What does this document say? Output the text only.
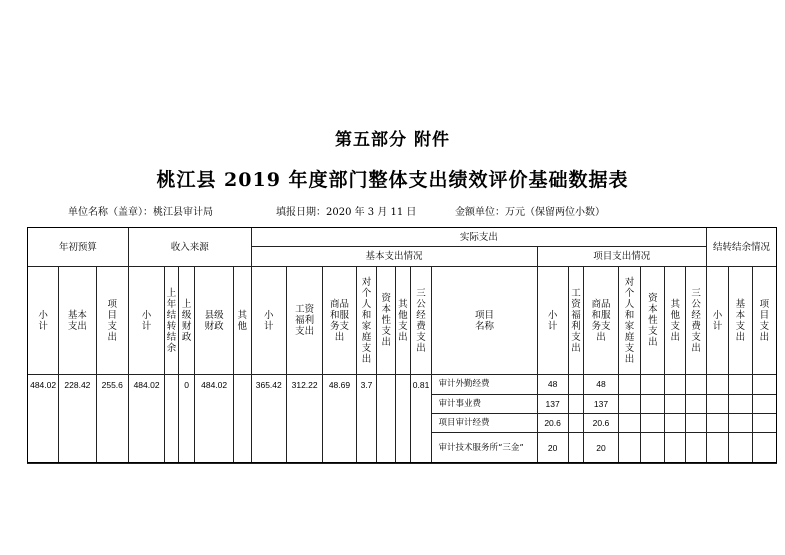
第五部分 附件
桃江县 2019 年度部门整体支出绩效评价基础数据表
单位名称（盖章）：桃江县审计局	填报日期：2020 年 3 月 11 日	金额单位：万元（保留两位小数）
年初预算			收入来源					实际支出															结转结余情况		
								基本支出情况								项目支出情况									
小计	基本支出	项目支出	小计	上年结转结余	上级财政	县级财政	其他	小计	工资福利支出	商品和服务支出	对个人和家庭支出	资本性支出	其他支出	三公经费支出	项目名称	小计	工资福利支出	商品和服务支出	对个人和家庭支出	资本性支出	其他支出	三公经费支出	小计	基本支出	项目支出
484.02	228.42	255.6	484.02		0	484.02		365.42	312.22	48.69	3.7			0.81	审计外勤经费	48		48							
															审计事业费	137		137							
															项目审计经费	20.6		20.6							
															审计技术服务所“三金”	20		20							
